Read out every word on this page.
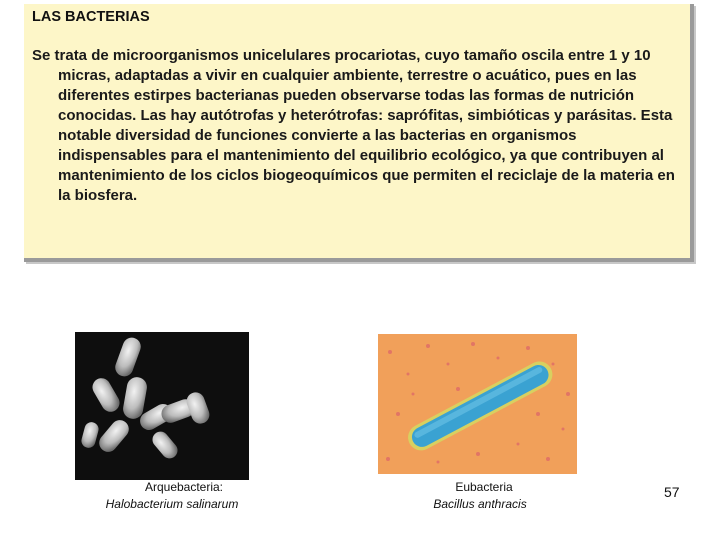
LAS BACTERIAS
Se trata de microorganismos unicelulares procariotas, cuyo tamaño oscila entre 1 y 10 micras, adaptadas a vivir en cualquier ambiente, terrestre o acuático, pues en las diferentes estirpes bacterianas pueden observarse todas las formas de nutrición conocidas. Las hay autótrofas y heterótrofas: saprófitas, simbióticas y parásitas. Esta notable diversidad de funciones convierte a las bacterias en organismos indispensables para el mantenimiento del equilibrio ecológico, ya que contribuyen al mantenimiento de los ciclos biogeoquímicos que permiten el reciclaje de la materia en la biosfera.
Arquebacteria:
Halobacterium salinarum
Eubacteria
Bacillus anthracis
57
